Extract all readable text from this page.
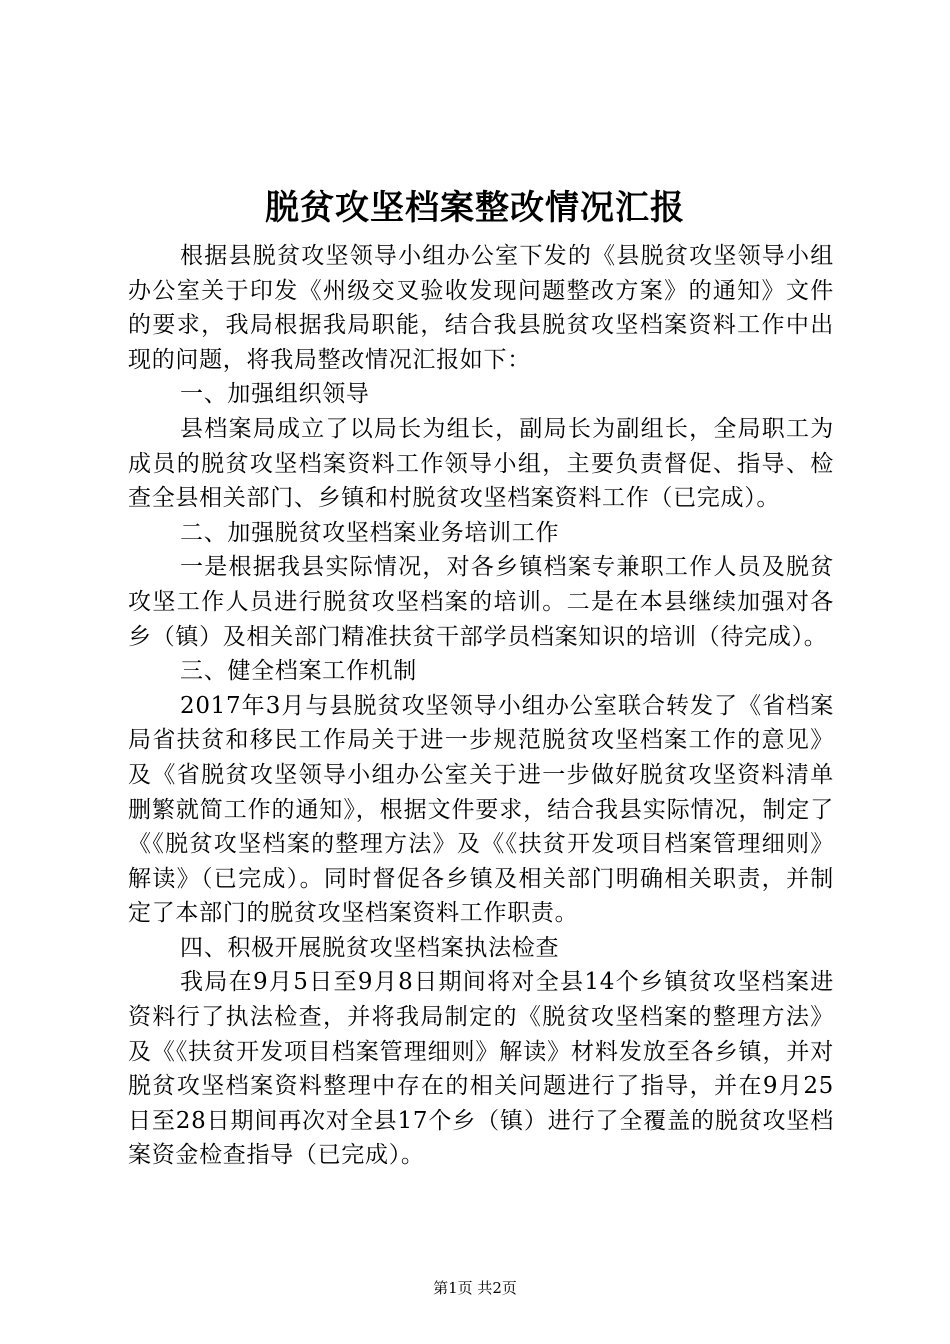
脱贫攻坚档案整改情况汇报

根据县脱贫攻坚领导小组办公室下发的《县脱贫攻坚领导小组办公室关于印发《州级交叉验收发现问题整改方案》的通知》文件的要求，我局根据我局职能，结合我县脱贫攻坚档案资料工作中出现的问题，将我局整改情况汇报如下：

一、加强组织领导

县档案局成立了以局长为组长，副局长为副组长，全局职工为成员的脱贫攻坚档案资料工作领导小组，主要负责督促、指导、检查全县相关部门、乡镇和村脱贫攻坚档案资料工作（已完成）。

二、加强脱贫攻坚档案业务培训工作

一是根据我县实际情况，对各乡镇档案专兼职工作人员及脱贫攻坚工作人员进行脱贫攻坚档案的培训。二是在本县继续加强对各乡（镇）及相关部门精准扶贫干部学员档案知识的培训（待完成）。

三、健全档案工作机制

2017年3月与县脱贫攻坚领导小组办公室联合转发了《省档案局省扶贫和移民工作局关于进一步规范脱贫攻坚档案工作的意见》及《省脱贫攻坚领导小组办公室关于进一步做好脱贫攻坚资料清单删繁就简工作的通知》，根据文件要求，结合我县实际情况，制定了《《脱贫攻坚档案的整理方法》及《《扶贫开发项目档案管理细则》解读》（已完成）。同时督促各乡镇及相关部门明确相关职责，并制定了本部门的脱贫攻坚档案资料工作职责。

四、积极开展脱贫攻坚档案执法检查

我局在9月5日至9月8日期间将对全县14个乡镇贫攻坚档案进资料行了执法检查，并将我局制定的《脱贫攻坚档案的整理方法》及《《扶贫开发项目档案管理细则》解读》材料发放至各乡镇，并对脱贫攻坚档案资料整理中存在的相关问题进行了指导，并在9月25日至28日期间再次对全县17个乡（镇）进行了全覆盖的脱贫攻坚档案资金检查指导（已完成）。

第1页 共2页
